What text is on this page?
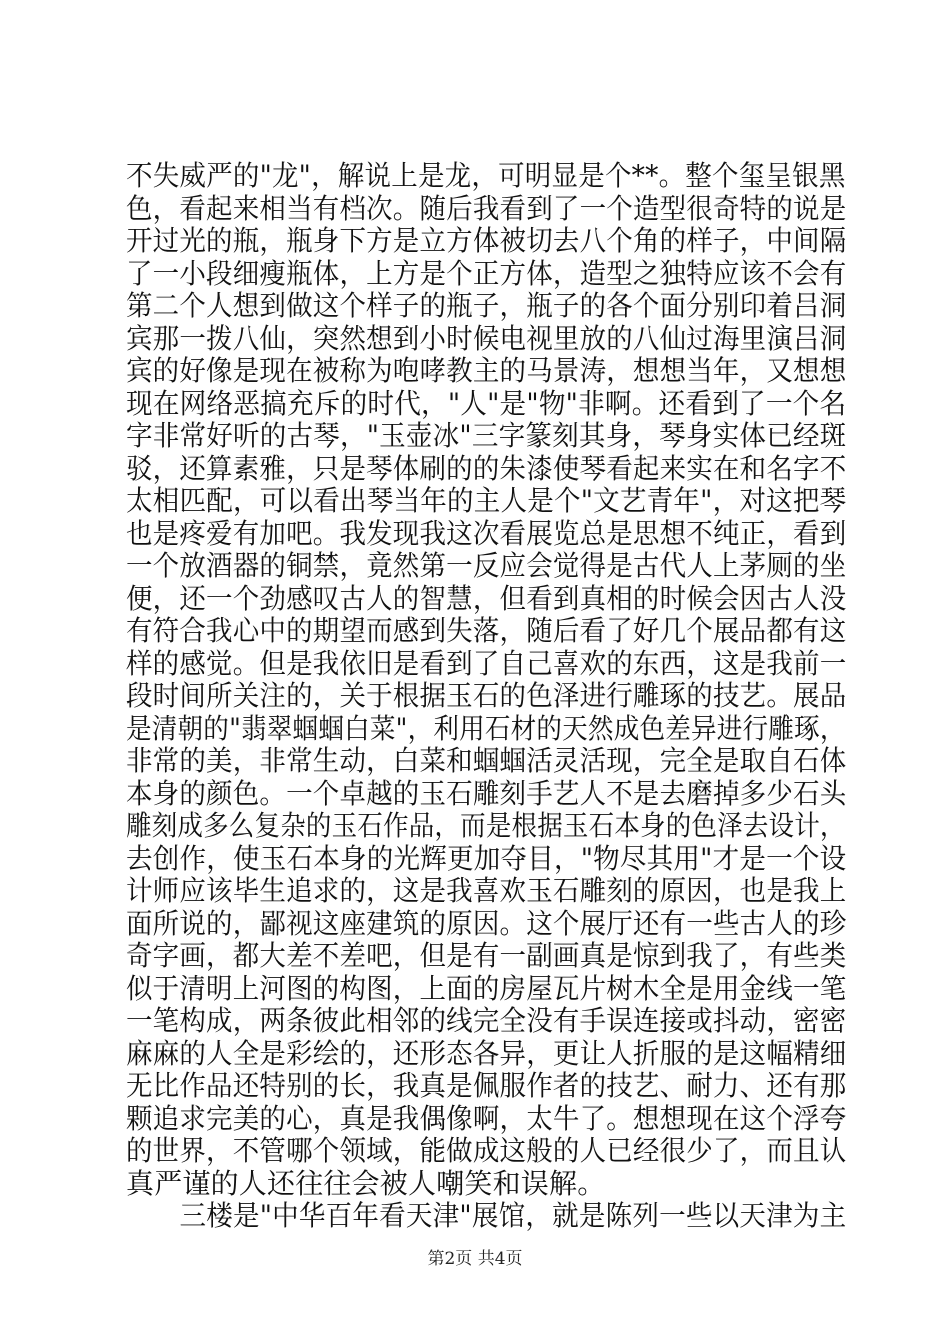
不失威严的"龙"，解说上是龙，可明显是个**。整个玺呈银黑
色，看起来相当有档次。随后我看到了一个造型很奇特的说是
开过光的瓶，瓶身下方是立方体被切去八个角的样子，中间隔
了一小段细瘦瓶体，上方是个正方体，造型之独特应该不会有
第二个人想到做这个样子的瓶子，瓶子的各个面分别印着吕洞
宾那一拨八仙，突然想到小时候电视里放的八仙过海里演吕洞
宾的好像是现在被称为咆哮教主的马景涛，想想当年，又想想
现在网络恶搞充斥的时代，"人"是"物"非啊。还看到了一个名
字非常好听的古琴，"玉壶冰"三字篆刻其身，琴身实体已经斑
驳，还算素雅，只是琴体刷的的朱漆使琴看起来实在和名字不
太相匹配，可以看出琴当年的主人是个"文艺青年"，对这把琴
也是疼爱有加吧。我发现我这次看展览总是思想不纯正，看到
一个放酒器的铜禁，竟然第一反应会觉得是古代人上茅厕的坐
便，还一个劲感叹古人的智慧，但看到真相的时候会因古人没
有符合我心中的期望而感到失落，随后看了好几个展品都有这
样的感觉。但是我依旧是看到了自己喜欢的东西，这是我前一
段时间所关注的，关于根据玉石的色泽进行雕琢的技艺。展品
是清朝的"翡翠蝈蝈白菜"，利用石材的天然成色差异进行雕琢，
非常的美，非常生动，白菜和蝈蝈活灵活现，完全是取自石体
本身的颜色。一个卓越的玉石雕刻手艺人不是去磨掉多少石头
雕刻成多么复杂的玉石作品，而是根据玉石本身的色泽去设计，
去创作，使玉石本身的光辉更加夺目，"物尽其用"才是一个设
计师应该毕生追求的，这是我喜欢玉石雕刻的原因，也是我上
面所说的，鄙视这座建筑的原因。这个展厅还有一些古人的珍
奇字画，都大差不差吧，但是有一副画真是惊到我了，有些类
似于清明上河图的构图，上面的房屋瓦片树木全是用金线一笔
一笔构成，两条彼此相邻的线完全没有手误连接或抖动，密密
麻麻的人全是彩绘的，还形态各异，更让人折服的是这幅精细
无比作品还特别的长，我真是佩服作者的技艺、耐力、还有那
颗追求完美的心，真是我偶像啊，太牛了。想想现在这个浮夸
的世界，不管哪个领域，能做成这般的人已经很少了，而且认
真严谨的人还往往会被人嘲笑和误解。
　　三楼是"中华百年看天津"展馆，就是陈列一些以天津为主
第2页 共4页
